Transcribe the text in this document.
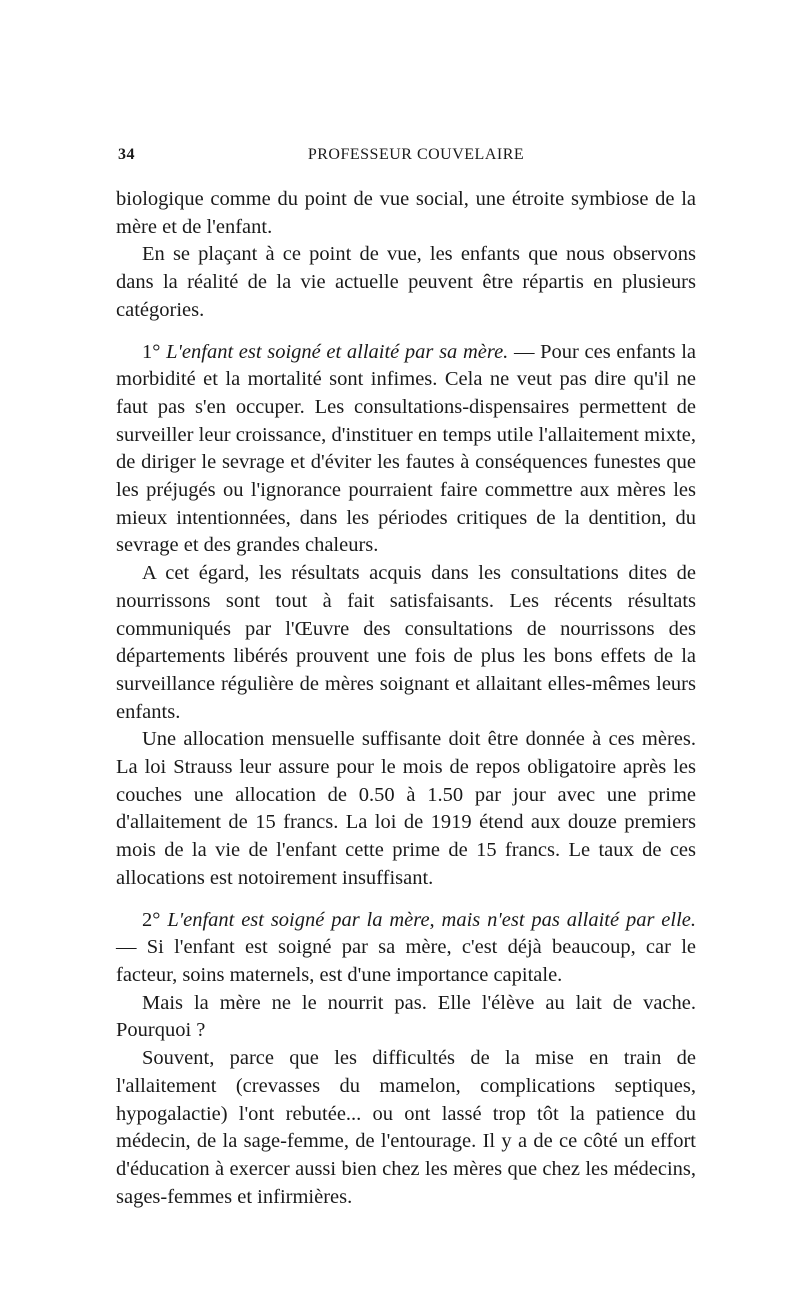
34	PROFESSEUR COUVELAIRE

biologique comme du point de vue social, une étroite symbiose de la mère et de l'enfant.

En se plaçant à ce point de vue, les enfants que nous observons dans la réalité de la vie actuelle peuvent être répartis en plusieurs catégories.

1° L'enfant est soigné et allaité par sa mère. — Pour ces enfants la morbidité et la mortalité sont infimes. Cela ne veut pas dire qu'il ne faut pas s'en occuper. Les consultations-dispensaires permettent de surveiller leur croissance, d'instituer en temps utile l'allaitement mixte, de diriger le sevrage et d'éviter les fautes à conséquences funestes que les préjugés ou l'ignorance pourraient faire commettre aux mères les mieux intentionnées, dans les périodes critiques de la dentition, du sevrage et des grandes chaleurs.

A cet égard, les résultats acquis dans les consultations dites de nourrissons sont tout à fait satisfaisants. Les récents résultats communiqués par l'Œuvre des consultations de nourrissons des départements libérés prouvent une fois de plus les bons effets de la surveillance régulière de mères soignant et allaitant elles-mêmes leurs enfants.

Une allocation mensuelle suffisante doit être donnée à ces mères. La loi Strauss leur assure pour le mois de repos obligatoire après les couches une allocation de 0.50 à 1.50 par jour avec une prime d'allaitement de 15 francs. La loi de 1919 étend aux douze premiers mois de la vie de l'enfant cette prime de 15 francs. Le taux de ces allocations est notoirement insuffisant.

2° L'enfant est soigné par la mère, mais n'est pas allaité par elle. — Si l'enfant est soigné par sa mère, c'est déjà beaucoup, car le facteur, soins maternels, est d'une importance capitale.

Mais la mère ne le nourrit pas. Elle l'élève au lait de vache. Pourquoi ?

Souvent, parce que les difficultés de la mise en train de l'allaitement (crevasses du mamelon, complications septiques, hypogalactie) l'ont rebutée... ou ont lassé trop tôt la patience du médecin, de la sage-femme, de l'entourage. Il y a de ce côté un effort d'éducation à exercer aussi bien chez les mères que chez les médecins, sages-femmes et infirmières.
